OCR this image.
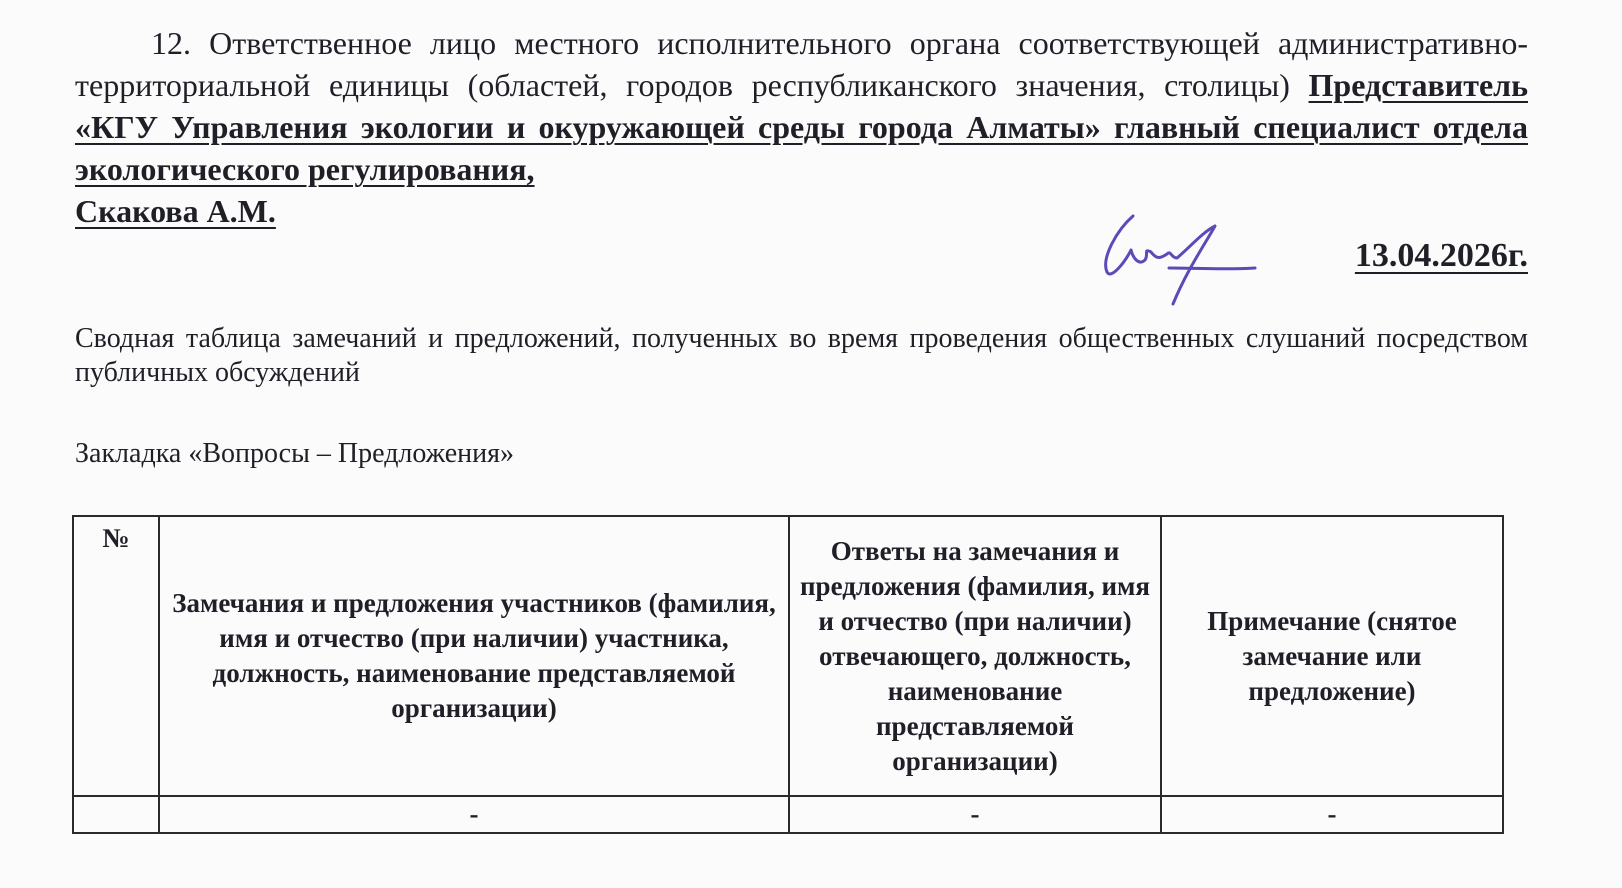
12. Ответственное лицо местного исполнительного органа соответствующей административно-территориальной единицы (областей, городов республиканского значения, столицы) Представитель «КГУ Управления экологии и окуружающей среды города Алматы» главный специалист отдела экологического регулирования,
Скакова А.М.
13.04.2026г.
Сводная таблица замечаний и предложений, полученных во время проведения общественных слушаний посредством публичных обсуждений
Закладка «Вопросы – Предложения»
№	Замечания и предложения участников (фамилия, имя и отчество (при наличии) участника, должность, наименование представляемой организации)	Ответы на замечания и предложения (фамилия, имя и отчество (при наличии) отвечающего, должность, наименование представляемой организации)	Примечание (снятое замечание или предложение)
	-	-	-
